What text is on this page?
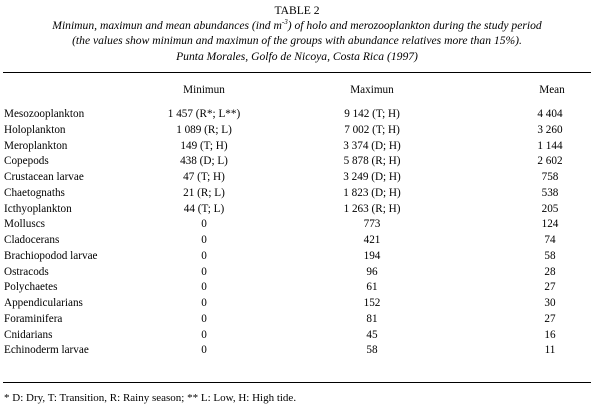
TABLE 2
Minimun, maximun and mean abundances (ind $m^{-3}$) of holo and merozooplankton during the study period
(the values show minimun and maximun of the groups with abundance relatives more than 15%).
Punta Morales, Golfo de Nicoya, Costa Rica (1997)
Minimun	Maximun	Mean
Mesozooplankton	1 457 (R*; L**)	9 142 (T; H)	4 404
Holoplankton	1 089 (R; L)	7 002 (T; H)	3 260
Meroplankton	149 (T; H)	3 374 (D; H)	1 144
Copepods	438 (D; L)	5 878 (R; H)	2 602
Crustacean larvae	47 (T; H)	3 249 (D; H)	758
Chaetognaths	21 (R; L)	1 823 (D; H)	538
Icthyoplankton	44 (T; L)	1 263 (R; H)	205
Molluscs	0	773	124
Cladocerans	0	421	74
Brachiopodod larvae	0	194	58
Ostracods	0	96	28
Polychaetes	0	61	27
Appendicularians	0	152	30
Foraminifera	0	81	27
Cnidarians	0	45	16
Echinoderm larvae	0	58	11
* D: Dry, T: Transition, R: Rainy season; ** L: Low, H: High tide.
